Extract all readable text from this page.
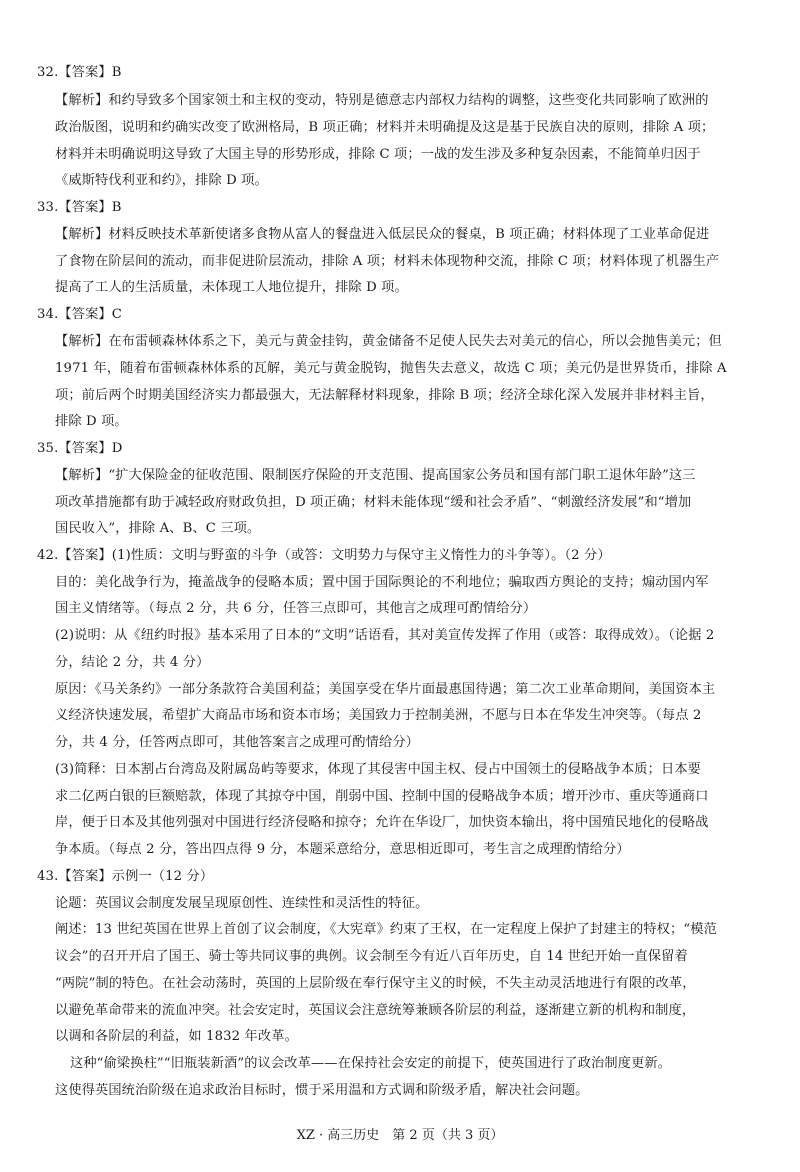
32.【答案】B
【解析】和约导致多个国家领土和主权的变动，特别是德意志内部权力结构的调整，这些变化共同影响了欧洲的
政治版图，说明和约确实改变了欧洲格局，B 项正确；材料并未明确提及这是基于民族自决的原则，排除 A 项；
材料并未明确说明这导致了大国主导的形势形成，排除 C 项；一战的发生涉及多种复杂因素，不能简单归因于
《威斯特伐利亚和约》，排除 D 项。
33.【答案】B
【解析】材料反映技术革新使诸多食物从富人的餐盘进入低层民众的餐桌，B 项正确；材料体现了工业革命促进
了食物在阶层间的流动，而非促进阶层流动，排除 A 项；材料未体现物种交流，排除 C 项；材料体现了机器生产
提高了工人的生活质量，未体现工人地位提升，排除 D 项。
34.【答案】C
【解析】在布雷顿森林体系之下，美元与黄金挂钩，黄金储备不足使人民失去对美元的信心，所以会抛售美元；但
1971 年，随着布雷顿森林体系的瓦解，美元与黄金脱钩，抛售失去意义，故选 C 项；美元仍是世界货币，排除 A
项；前后两个时期美国经济实力都最强大，无法解释材料现象，排除 B 项；经济全球化深入发展并非材料主旨，
排除 D 项。
35.【答案】D
【解析】“扩大保险金的征收范围、限制医疗保险的开支范围、提高国家公务员和国有部门职工退休年龄”这三
项改革措施都有助于减轻政府财政负担，D 项正确；材料未能体现“缓和社会矛盾”、“刺激经济发展”和“增加
国民收入”，排除 A、B、C 三项。
42.【答案】(1)性质：文明与野蛮的斗争（或答：文明势力与保守主义惰性力的斗争等）。（2 分）
目的：美化战争行为，掩盖战争的侵略本质；置中国于国际舆论的不利地位；骗取西方舆论的支持；煽动国内军
国主义情绪等。（每点 2 分，共 6 分，任答三点即可，其他言之成理可酌情给分）
(2)说明：从《纽约时报》基本采用了日本的“文明”话语看，其对美宣传发挥了作用（或答：取得成效）。（论据 2
分，结论 2 分，共 4 分）
原因：《马关条约》一部分条款符合美国利益；美国享受在华片面最惠国待遇；第二次工业革命期间，美国资本主
义经济快速发展，希望扩大商品市场和资本市场；美国致力于控制美洲，不愿与日本在华发生冲突等。（每点 2
分，共 4 分，任答两点即可，其他答案言之成理可酌情给分）
(3)简释：日本割占台湾岛及附属岛屿等要求，体现了其侵害中国主权、侵占中国领土的侵略战争本质；日本要
求二亿两白银的巨额赔款，体现了其掠夺中国，削弱中国、控制中国的侵略战争本质；增开沙市、重庆等通商口
岸，便于日本及其他列强对中国进行经济侵略和掠夺；允许在华设厂，加快资本输出，将中国殖民地化的侵略战
争本质。（每点 2 分，答出四点得 9 分，本题采意给分，意思相近即可，考生言之成理酌情给分）
43.【答案】示例一（12 分）
论题：英国议会制度发展呈现原创性、连续性和灵活性的特征。
阐述：13 世纪英国在世界上首创了议会制度，《大宪章》约束了王权，在一定程度上保护了封建主的特权；“模范
议会”的召开开启了国王、骑士等共同议事的典例。议会制至今有近八百年历史，自 14 世纪开始一直保留着
“两院”制的特色。在社会动荡时，英国的上层阶级在奉行保守主义的时候，不失主动灵活地进行有限的改革，
以避免革命带来的流血冲突。社会安定时，英国议会注意统筹兼顾各阶层的利益，逐渐建立新的机构和制度，
以调和各阶层的利益，如 1832 年改革。
这种“偷梁换柱”“旧瓶装新酒”的议会改革——在保持社会安定的前提下，使英国进行了政治制度更新。
这使得英国统治阶级在追求政治目标时，惯于采用温和方式调和阶级矛盾，解决社会问题。
XZ · 高三历史　第 2 页（共 3 页）
